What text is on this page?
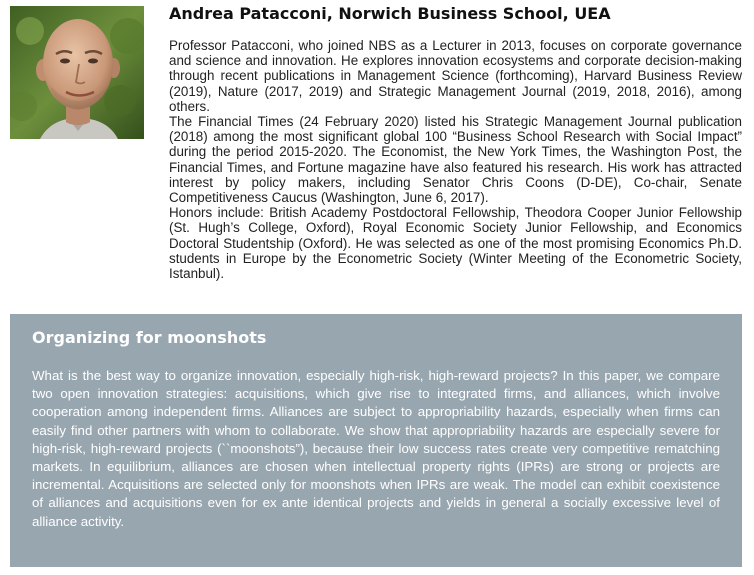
Andrea Patacconi, Norwich Business School, UEA

Professor Patacconi, who joined NBS as a Lecturer in 2013, focuses on corporate governance and science and innovation. He explores innovation ecosystems and corporate decision-making through recent publications in Management Science (forthcoming), Harvard Business Review (2019), Nature (2017, 2019) and Strategic Management Journal (2019, 2018, 2016), among others.

The Financial Times (24 February 2020) listed his Strategic Management Journal publication (2018) among the most significant global 100 “Business School Research with Social Impact” during the period 2015-2020. The Economist, the New York Times, the Washington Post, the Financial Times, and Fortune magazine have also featured his research. His work has attracted interest by policy makers, including Senator Chris Coons (D-DE), Co-chair, Senate Competitiveness Caucus (Washington, June 6, 2017).

Honors include: British Academy Postdoctoral Fellowship, Theodora Cooper Junior Fellowship (St. Hugh’s College, Oxford), Royal Economic Society Junior Fellowship, and Economics Doctoral Studentship (Oxford). He was selected as one of the most promising Economics Ph.D. students in Europe by the Econometric Society (Winter Meeting of the Econometric Society, Istanbul).

Organizing for moonshots

What is the best way to organize innovation, especially high-risk, high-reward projects? In this paper, we compare two open innovation strategies: acquisitions, which give rise to integrated firms, and alliances, which involve cooperation among independent firms. Alliances are subject to appropriability hazards, especially when firms can easily find other partners with whom to collaborate. We show that appropriability hazards are especially severe for high-risk, high-reward projects (``moonshots”), because their low success rates create very competitive rematching markets. In equilibrium, alliances are chosen when intellectual property rights (IPRs) are strong or projects are incremental. Acquisitions are selected only for moonshots when IPRs are weak. The model can exhibit coexistence of alliances and acquisitions even for ex ante identical projects and yields in general a socially excessive level of alliance activity.
